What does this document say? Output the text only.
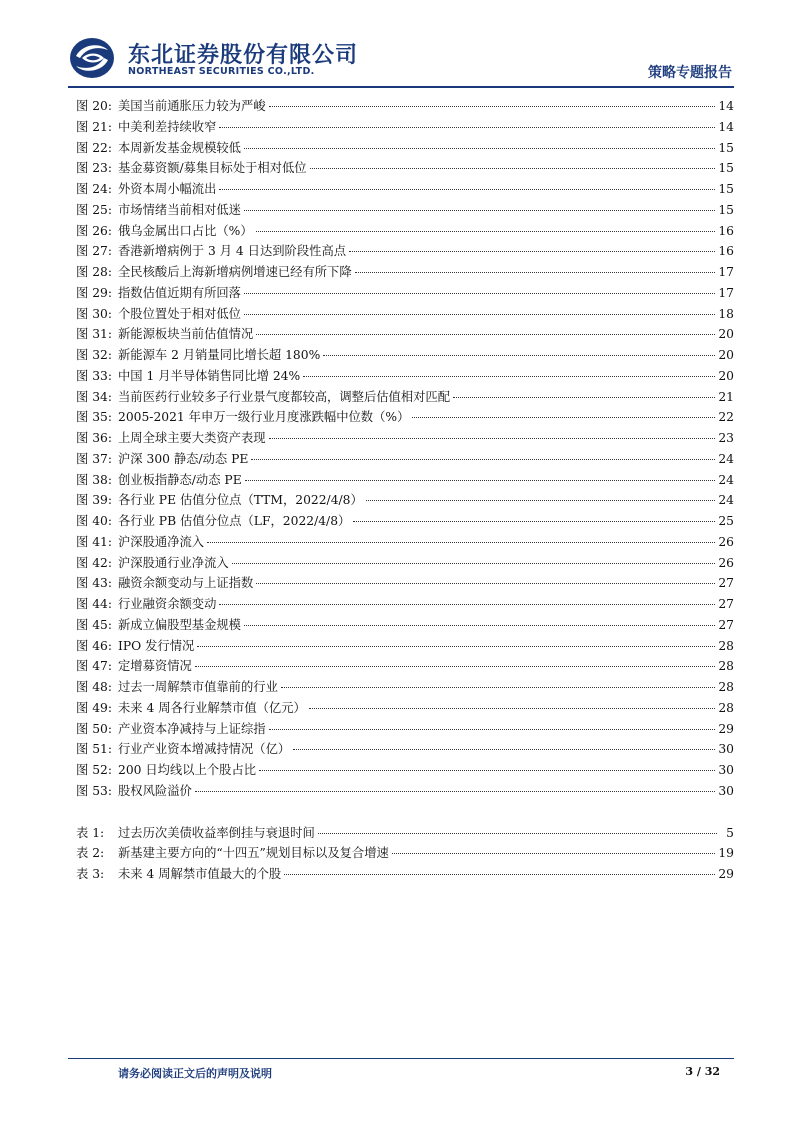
东北证券股份有限公司
NORTHEAST SECURITIES CO.,LTD.	策略专题报告
图 20: 美国当前通胀压力较为严峻	14
图 21: 中美利差持续收窄	14
图 22: 本周新发基金规模较低	15
图 23: 基金募资额/募集目标处于相对低位	15
图 24: 外资本周小幅流出	15
图 25: 市场情绪当前相对低迷	15
图 26: 俄乌金属出口占比（%）	16
图 27: 香港新增病例于 3 月 4 日达到阶段性高点	16
图 28: 全民核酸后上海新增病例增速已经有所下降	17
图 29: 指数估值近期有所回落	17
图 30: 个股位置处于相对低位	18
图 31: 新能源板块当前估值情况	20
图 32: 新能源车 2 月销量同比增长超 180%	20
图 33: 中国 1 月半导体销售同比增 24%	20
图 34: 当前医药行业较多子行业景气度都较高，调整后估值相对匹配	21
图 35: 2005-2021 年申万一级行业月度涨跌幅中位数（%）	22
图 36: 上周全球主要大类资产表现	23
图 37: 沪深 300 静态/动态 PE	24
图 38: 创业板指静态/动态 PE	24
图 39: 各行业 PE 估值分位点（TTM，2022/4/8）	24
图 40: 各行业 PB 估值分位点（LF，2022/4/8）	25
图 41: 沪深股通净流入	26
图 42: 沪深股通行业净流入	26
图 43: 融资余额变动与上证指数	27
图 44: 行业融资余额变动	27
图 45: 新成立偏股型基金规模	27
图 46: IPO 发行情况	28
图 47: 定增募资情况	28
图 48: 过去一周解禁市值靠前的行业	28
图 49: 未来 4 周各行业解禁市值（亿元）	28
图 50: 产业资本净减持与上证综指	29
图 51: 行业产业资本增减持情况（亿）	30
图 52: 200 日均线以上个股占比	30
图 53: 股权风险溢价	30
表 1:	过去历次美债收益率倒挂与衰退时间	5
表 2:	新基建主要方向的“十四五”规划目标以及复合增速	19
表 3:	未来 4 周解禁市值最大的个股	29
请务必阅读正文后的声明及说明	3 / 32
